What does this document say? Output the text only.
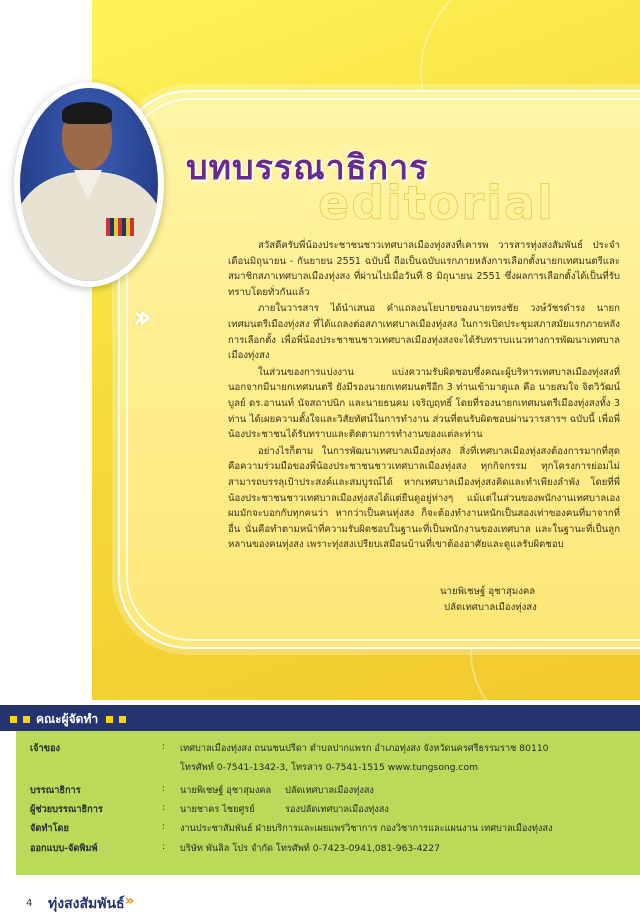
››
บทบรรณาธิการ
editorial

สวัสดีครับพี่น้องประชาชนชาวเทศบาลเมืองทุ่งสงที่เคารพ วารสารทุ่งสงสัมพันธ์ ประจำเดือนมิถุนายน - กันยายน 2551 ฉบับนี้ ถือเป็นฉบับแรกภายหลังการเลือกตั้งนายกเทศมนตรีและสมาชิกสภาเทศบาลเมืองทุ่งสง ที่ผ่านไปเมื่อวันที่ 8 มิถุนายน 2551 ซึ่งผลการเลือกตั้งได้เป็นที่รับทราบโดยทั่วกันแล้ว

ภายในวารสาร ได้นำเสนอ คำแถลงนโยบายของนายทรงชัย วงษ์วัชรดำรง นายกเทศมนตรีเมืองทุ่งสง ที่ได้แถลงต่อสภาเทศบาลเมืองทุ่งสง ในการเปิดประชุมสภาสมัยแรกภายหลังการเลือกตั้ง เพื่อพี่น้องประชาชนชาวเทศบาลเมืองทุ่งสงจะได้รับทราบแนวทางการพัฒนาเทศบาลเมืองทุ่งสง

ในส่วนของการแบ่งงาน แบ่งความรับผิดชอบซึ่งคณะผู้บริหารเทศบาลเมืองทุ่งสงที่นอกจากมีนายกเทศมนตรี ยังมีรองนายกเทศมนตรีอีก 3 ท่านเข้ามาดูแล คือ นายสมใจ จิตวิวัฒน์บูลย์ ดร.อานนท์ นัจสถาปนิก และนายธนคม เจริญฤทธิ์ โดยที่รองนายกเทศมนตรีเมืองทุ่งสงทั้ง 3 ท่าน ได้เผยความตั้งใจและวิสัยทัศน์ในการทำงาน ส่วนที่ตนรับผิดชอบผ่านวารสารฯ ฉบับนี้ เพื่อพี่น้องประชาชนได้รับทราบและติดตามการทำงานของแต่ละท่าน

อย่างไรก็ตาม ในการพัฒนาเทศบาลเมืองทุ่งสง สิ่งที่เทศบาลเมืองทุ่งสงต้องการมากที่สุดคือความร่วมมือของพี่น้องประชาชนชาวเทศบาลเมืองทุ่งสง ทุกกิจกรรม ทุกโครงการย่อมไม่สามารถบรรลุเป้าประสงค์และสมบูรณ์ได้ หากเทศบาลเมืองทุ่งสงคิดและทำเพียงลำพัง โดยที่พี่น้องประชาชนชาวเทศบาลเมืองทุ่งสงได้แต่ยืนดูอยู่ห่างๆ แม้แต่ในส่วนของพนักงานเทศบาลเอง ผมมักจะบอกกับทุกคนว่า หากว่าเป็นคนทุ่งสง ก็จะต้องทำงานหนักเป็นสองเท่าของคนที่มาจากที่อื่น นั่นคือทำตามหน้าที่ความรับผิดชอบในฐานะที่เป็นพนักงานของเทศบาล และในฐานะที่เป็นลูกหลานของคนทุ่งสง เพราะทุ่งสงเปรียบเสมือนบ้านที่เขาต้องอาศัยและดูแลรับผิดชอบ

นายพิเชษฐ์ อุชาสุมงคล
ปลัดเทศบาลเมืองทุ่งสง
คณะผู้จัดทำ
เจ้าของ	: เทศบาลเมืองทุ่งสง ถนนชนปรีดา ตำบลปากแพรก อำเภอทุ่งสง จังหวัดนครศรีธรรมราช 80110
โทรศัพท์ 0-7541-1342-3, โทรสาร 0-7541-1515 www.tungsong.com
บรรณาธิการ	: นายพิเชษฐ์ อุชาสุมงคล ปลัดเทศบาลเมืองทุ่งสง
ผู้ช่วยบรรณาธิการ	: นายชาคร ไชยศูรย์	รองปลัดเทศบาลเมืองทุ่งสง
จัดทำโดย	: งานประชาสัมพันธ์ ฝ่ายบริการและเผยแพร่วิชาการ กองวิชาการและแผนงาน เทศบาลเมืองทุ่งสง
ออกแบบ-จัดพิมพ์	: บริษัท พันลิล โปร จำกัด โทรศัพท์ 0-7423-0941,081-963-4227
4 ทุ่งสงสัมพันธ์ »
